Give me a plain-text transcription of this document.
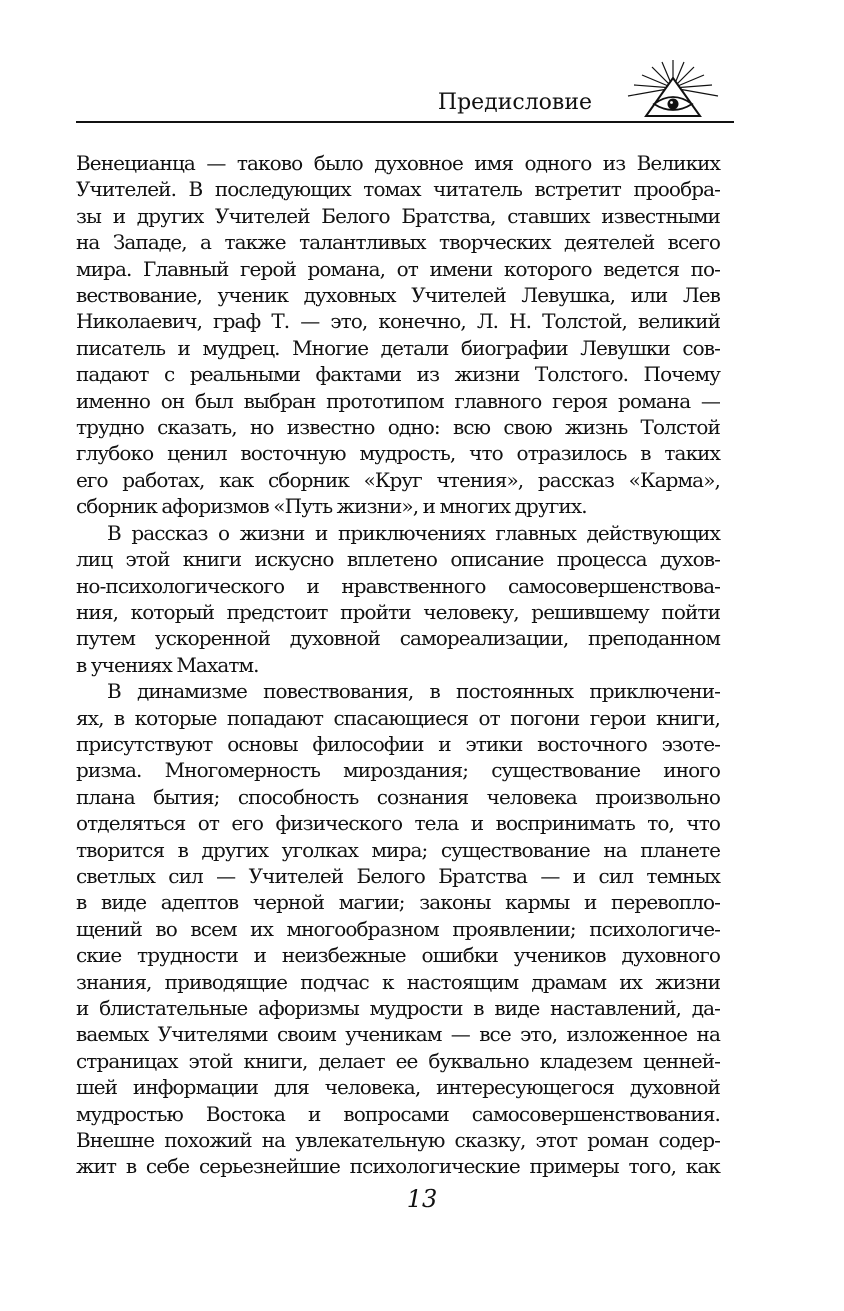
Предисловие

Венецианца — таково было духовное имя одного из Великих
Учителей. В последующих томах читатель встретит прообра-
зы и других Учителей Белого Братства, ставших известными
на Западе, а также талантливых творческих деятелей всего
мира. Главный герой романа, от имени которого ведется по-
вествование, ученик духовных Учителей Левушка, или Лев
Николаевич, граф Т. — это, конечно, Л. Н. Толстой, великий
писатель и мудрец. Многие детали биографии Левушки сов-
падают с реальными фактами из жизни Толстого. Почему
именно он был выбран прототипом главного героя романа —
трудно сказать, но известно одно: всю свою жизнь Толстой
глубоко ценил восточную мудрость, что отразилось в таких
его работах, как сборник «Круг чтения», рассказ «Карма»,
сборник афоризмов «Путь жизни», и многих других.

В рассказ о жизни и приключениях главных действующих
лиц этой книги искусно вплетено описание процесса духов-
но-психологического и нравственного самосовершенствова-
ния, который предстоит пройти человеку, решившему пойти
путем ускоренной духовной самореализации, преподанном
в учениях Махатм.

В динамизме повествования, в постоянных приключени-
ях, в которые попадают спасающиеся от погони герои книги,
присутствуют основы философии и этики восточного эзоте-
ризма. Многомерность мироздания; существование иного
плана бытия; способность сознания человека произвольно
отделяться от его физического тела и воспринимать то, что
творится в других уголках мира; существование на планете
светлых сил — Учителей Белого Братства — и сил темных
в виде адептов черной магии; законы кармы и перевопло-
щений во всем их многообразном проявлении; психологиче-
ские трудности и неизбежные ошибки учеников духовного
знания, приводящие подчас к настоящим драмам их жизни
и блистательные афоризмы мудрости в виде наставлений, да-
ваемых Учителями своим ученикам — все это, изложенное на
страницах этой книги, делает ее буквально кладезем ценней-
шей информации для человека, интересующегося духовной
мудростью Востока и вопросами самосовершенствования.
Внешне похожий на увлекательную сказку, этот роман содер-
жит в себе серьезнейшие психологические примеры того, как

13
